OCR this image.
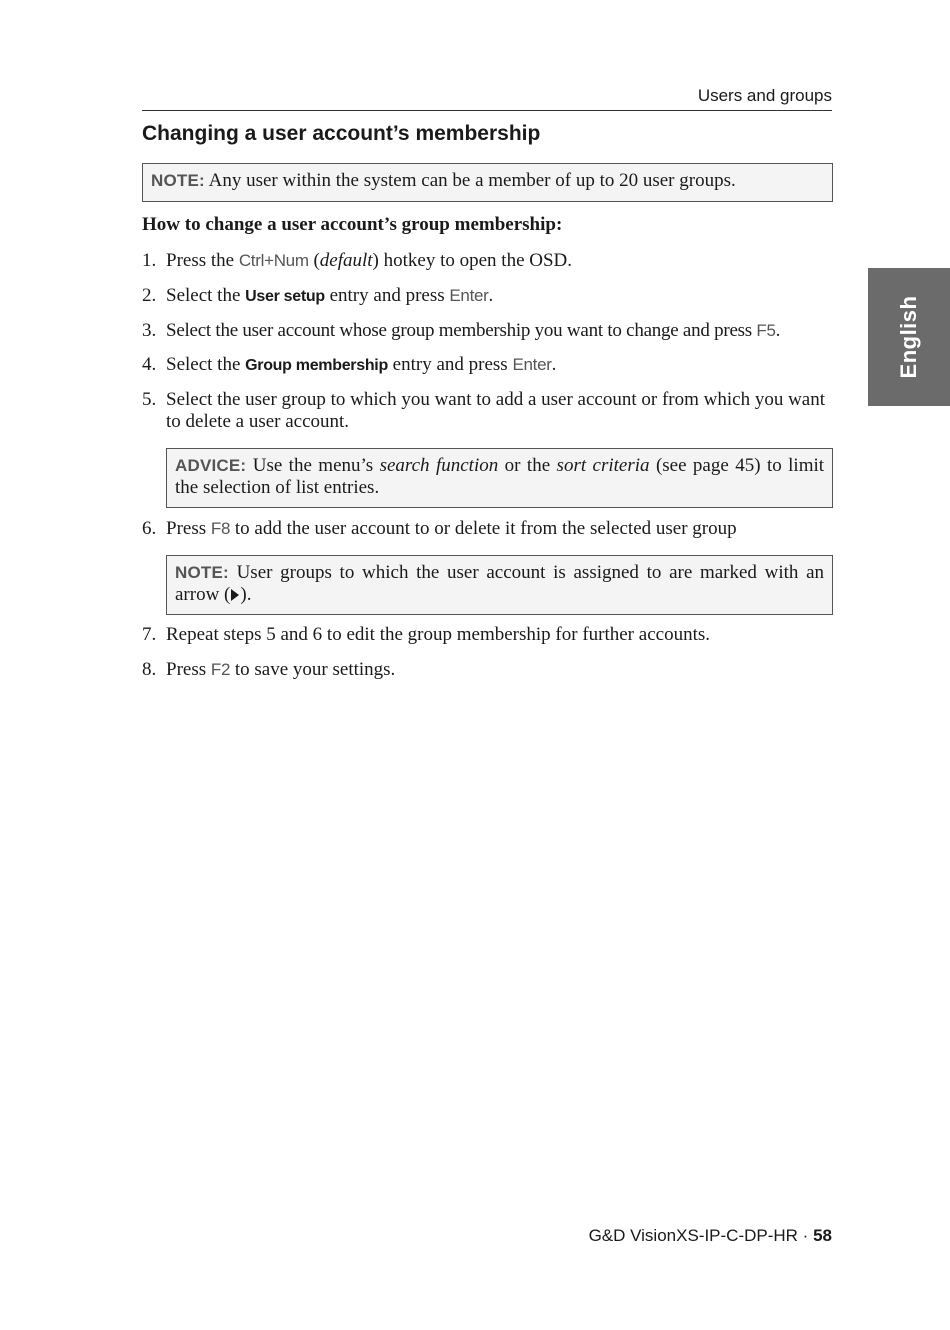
Users and groups
Changing a user account’s membership
NOTE: Any user within the system can be a member of up to 20 user groups.
How to change a user account’s group membership:
1. Press the Ctrl+Num (default) hotkey to open the OSD.
2. Select the User setup entry and press Enter.
3. Select the user account whose group membership you want to change and press F5.
4. Select the Group membership entry and press Enter.
5. Select the user group to which you want to add a user account or from which you want to delete a user account.
ADVICE: Use the menu’s search function or the sort criteria (see page 45) to limit the selection of list entries.
6. Press F8 to add the user account to or delete it from the selected user group
NOTE: User groups to which the user account is assigned to are marked with an arrow ( ).
7. Repeat steps 5 and 6 to edit the group membership for further accounts.
8. Press F2 to save your settings.
English
G&D VisionXS-IP-C-DP-HR · 58
